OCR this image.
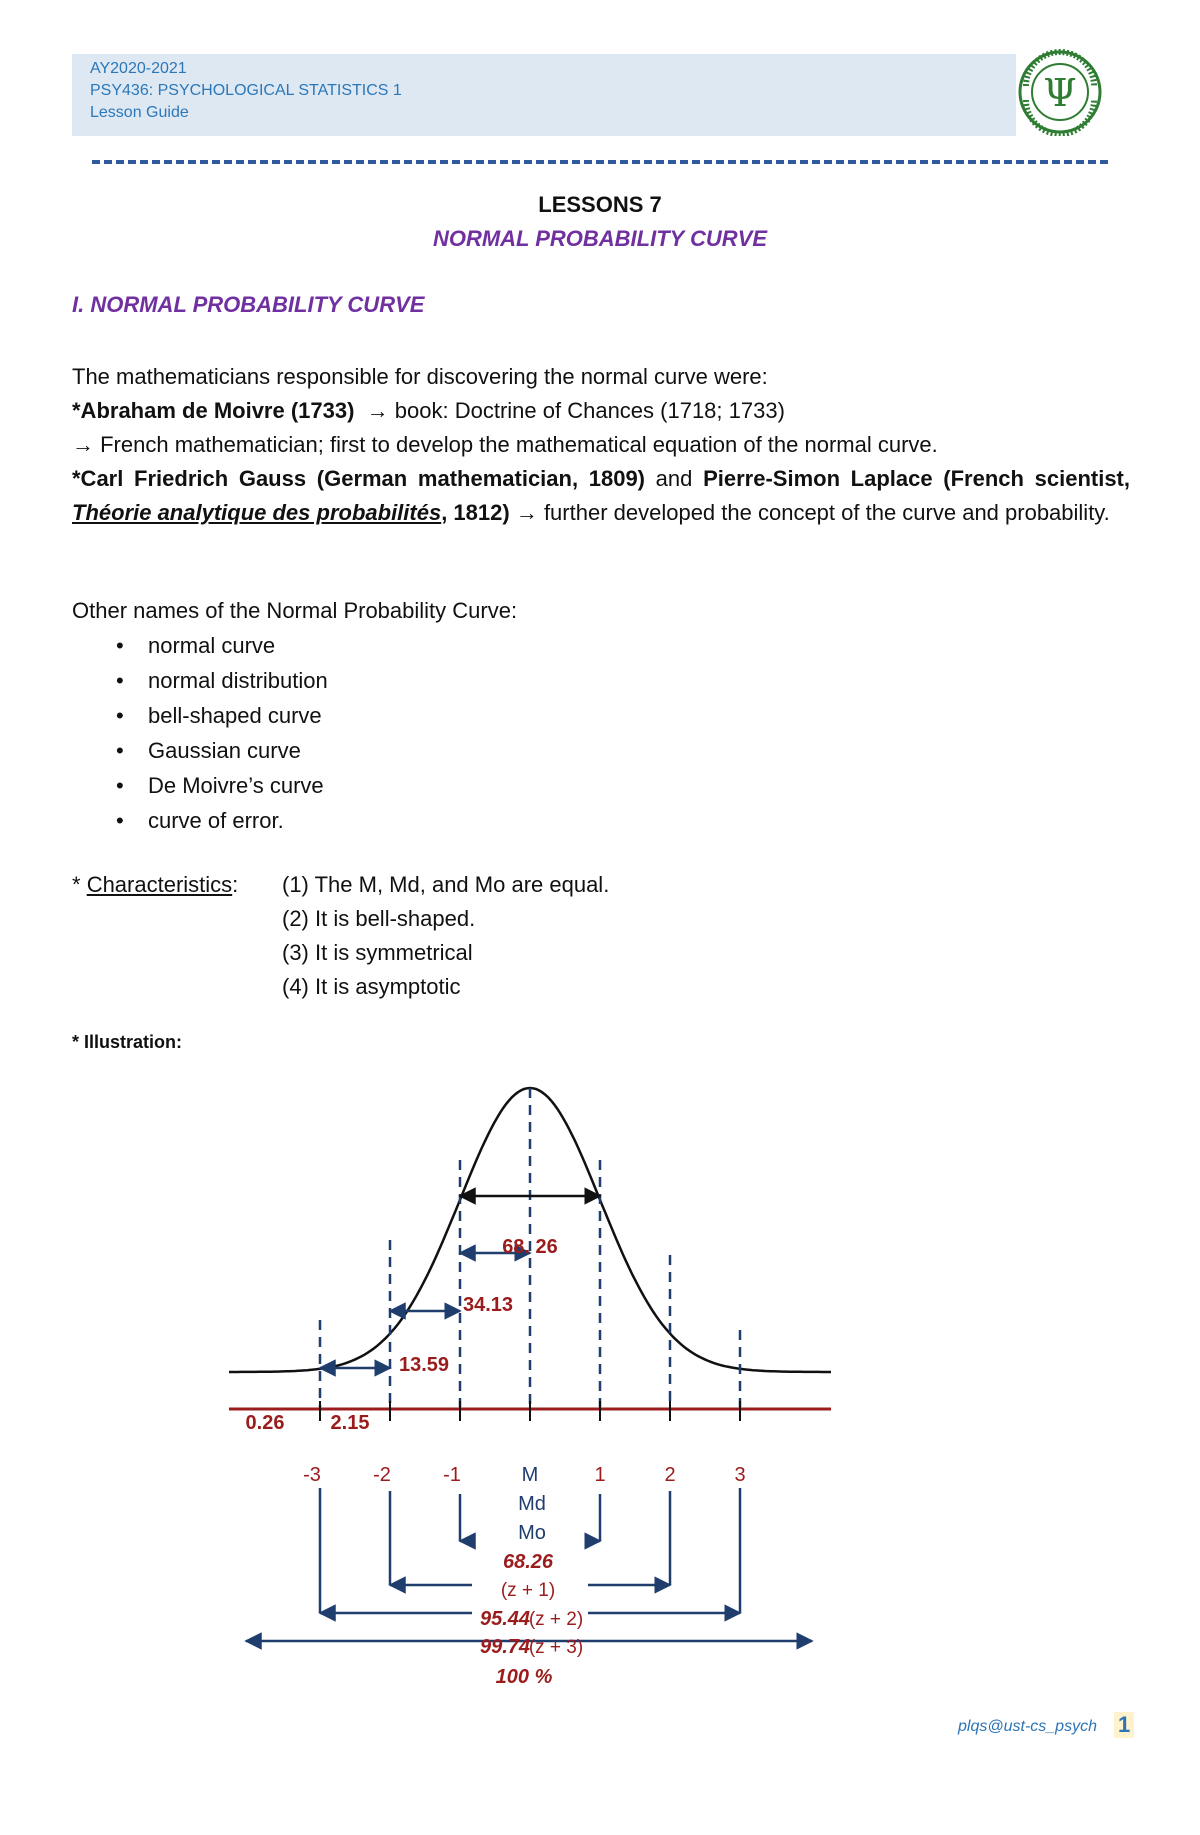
AY2020-2021
PSY436: PSYCHOLOGICAL STATISTICS 1
Lesson Guide	Ψ
LESSONS 7
NORMAL PROBABILITY CURVE
I. NORMAL PROBABILITY CURVE
The mathematicians responsible for discovering the normal curve were:
*Abraham de Moivre (1733) → book: Doctrine of Chances (1718; 1733)
→ French mathematician; first to develop the mathematical equation of the normal curve.
*Carl Friedrich Gauss (German mathematician, 1809) and Pierre-Simon Laplace (French scientist, Théorie analytique des probabilités, 1812) → further developed the concept of the curve and probability.
Other names of the Normal Probability Curve:
• normal curve
• normal distribution
• bell-shaped curve
• Gaussian curve
• De Moivre’s curve
• curve of error.
* Characteristics: (1) The M, Md, and Mo are equal.
(2) It is bell-shaped.
(3) It is symmetrical
(4) It is asymptotic
* Illustration:
-3	-2	-1	M	1	2	3
Md
Mo
0.26 2.15
13.59
34.13
68. 26
68.26
(z + 1)
95.44
(z + 2)
99.74
(z + 3)
100 %
plqs@ust-cs_psych 1
